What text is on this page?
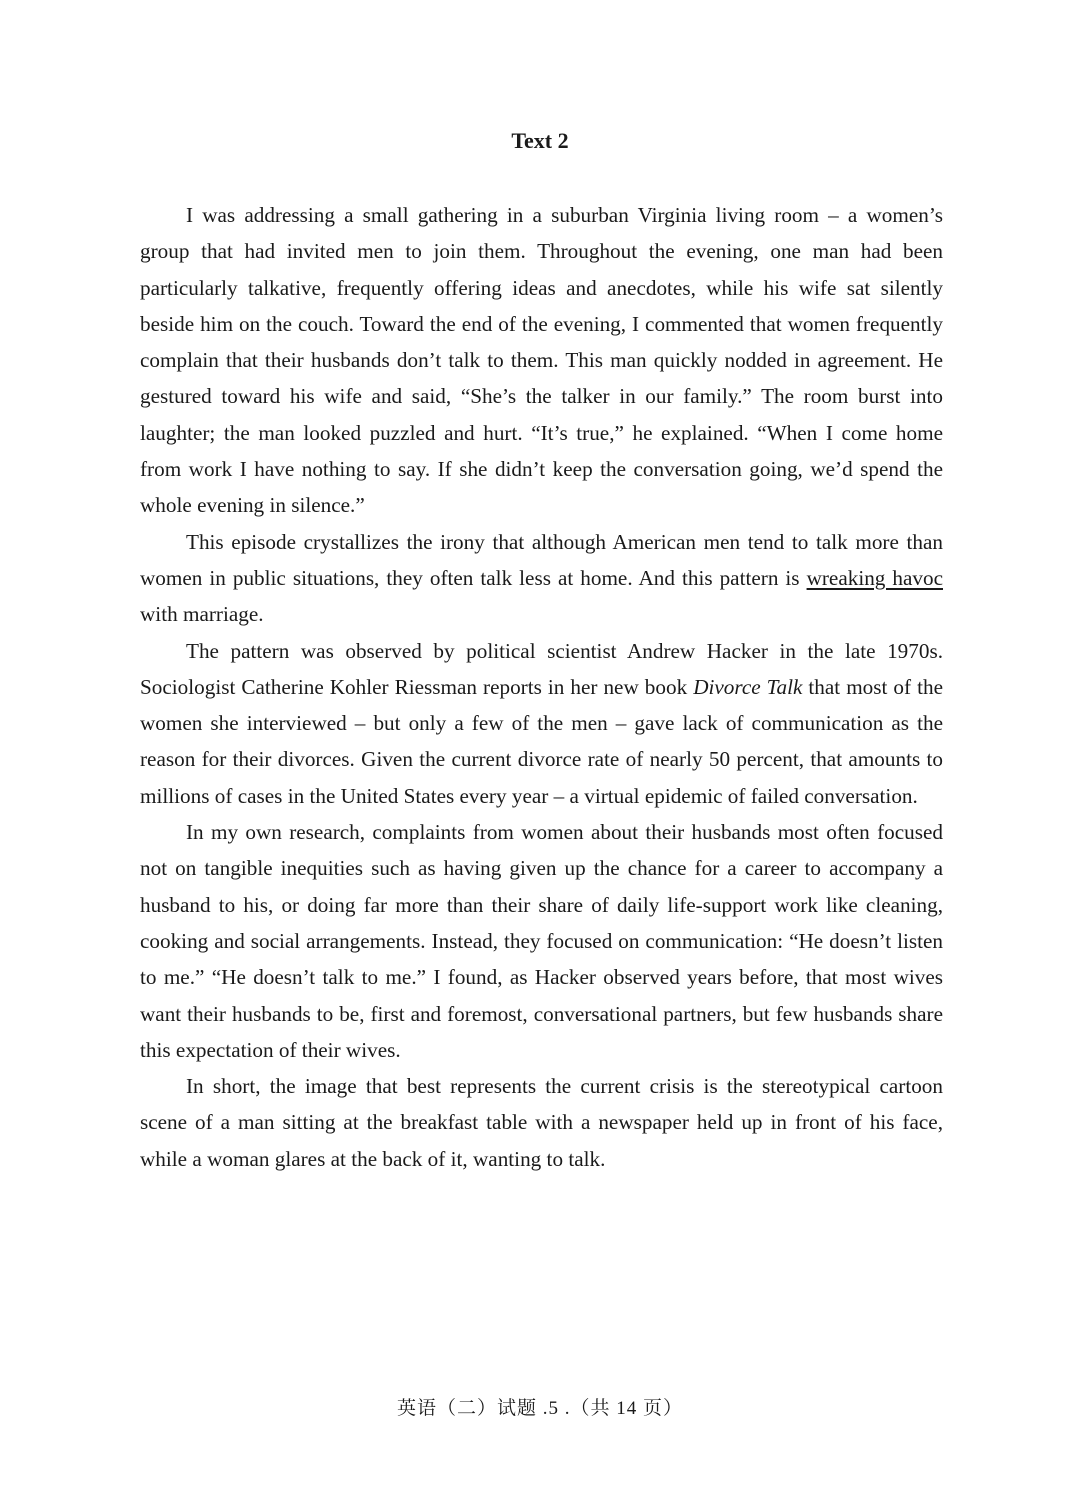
Text 2

I was addressing a small gathering in a suburban Virginia living room – a women’s group that had invited men to join them. Throughout the evening, one man had been particularly talkative, frequently offering ideas and anecdotes, while his wife sat silently beside him on the couch. Toward the end of the evening, I commented that women frequently complain that their husbands don’t talk to them. This man quickly nodded in agreement. He gestured toward his wife and said, “She’s the talker in our family.” The room burst into laughter; the man looked puzzled and hurt. “It’s true,” he explained. “When I come home from work I have nothing to say. If she didn’t keep the conversation going, we’d spend the whole evening in silence.”

This episode crystallizes the irony that although American men tend to talk more than women in public situations, they often talk less at home. And this pattern is wreaking havoc with marriage.

The pattern was observed by political scientist Andrew Hacker in the late 1970s. Sociologist Catherine Kohler Riessman reports in her new book Divorce Talk that most of the women she interviewed – but only a few of the men – gave lack of communication as the reason for their divorces. Given the current divorce rate of nearly 50 percent, that amounts to millions of cases in the United States every year – a virtual epidemic of failed conversation.

In my own research, complaints from women about their husbands most often focused not on tangible inequities such as having given up the chance for a career to accompany a husband to his, or doing far more than their share of daily life-support work like cleaning, cooking and social arrangements. Instead, they focused on communication: “He doesn’t listen to me.” “He doesn’t talk to me.” I found, as Hacker observed years before, that most wives want their husbands to be, first and foremost, conversational partners, but few husbands share this expectation of their wives.

In short, the image that best represents the current crisis is the stereotypical cartoon scene of a man sitting at the breakfast table with a newspaper held up in front of his face, while a woman glares at the back of it, wanting to talk.

英语（二）试题 .5 .（共 14 页）
